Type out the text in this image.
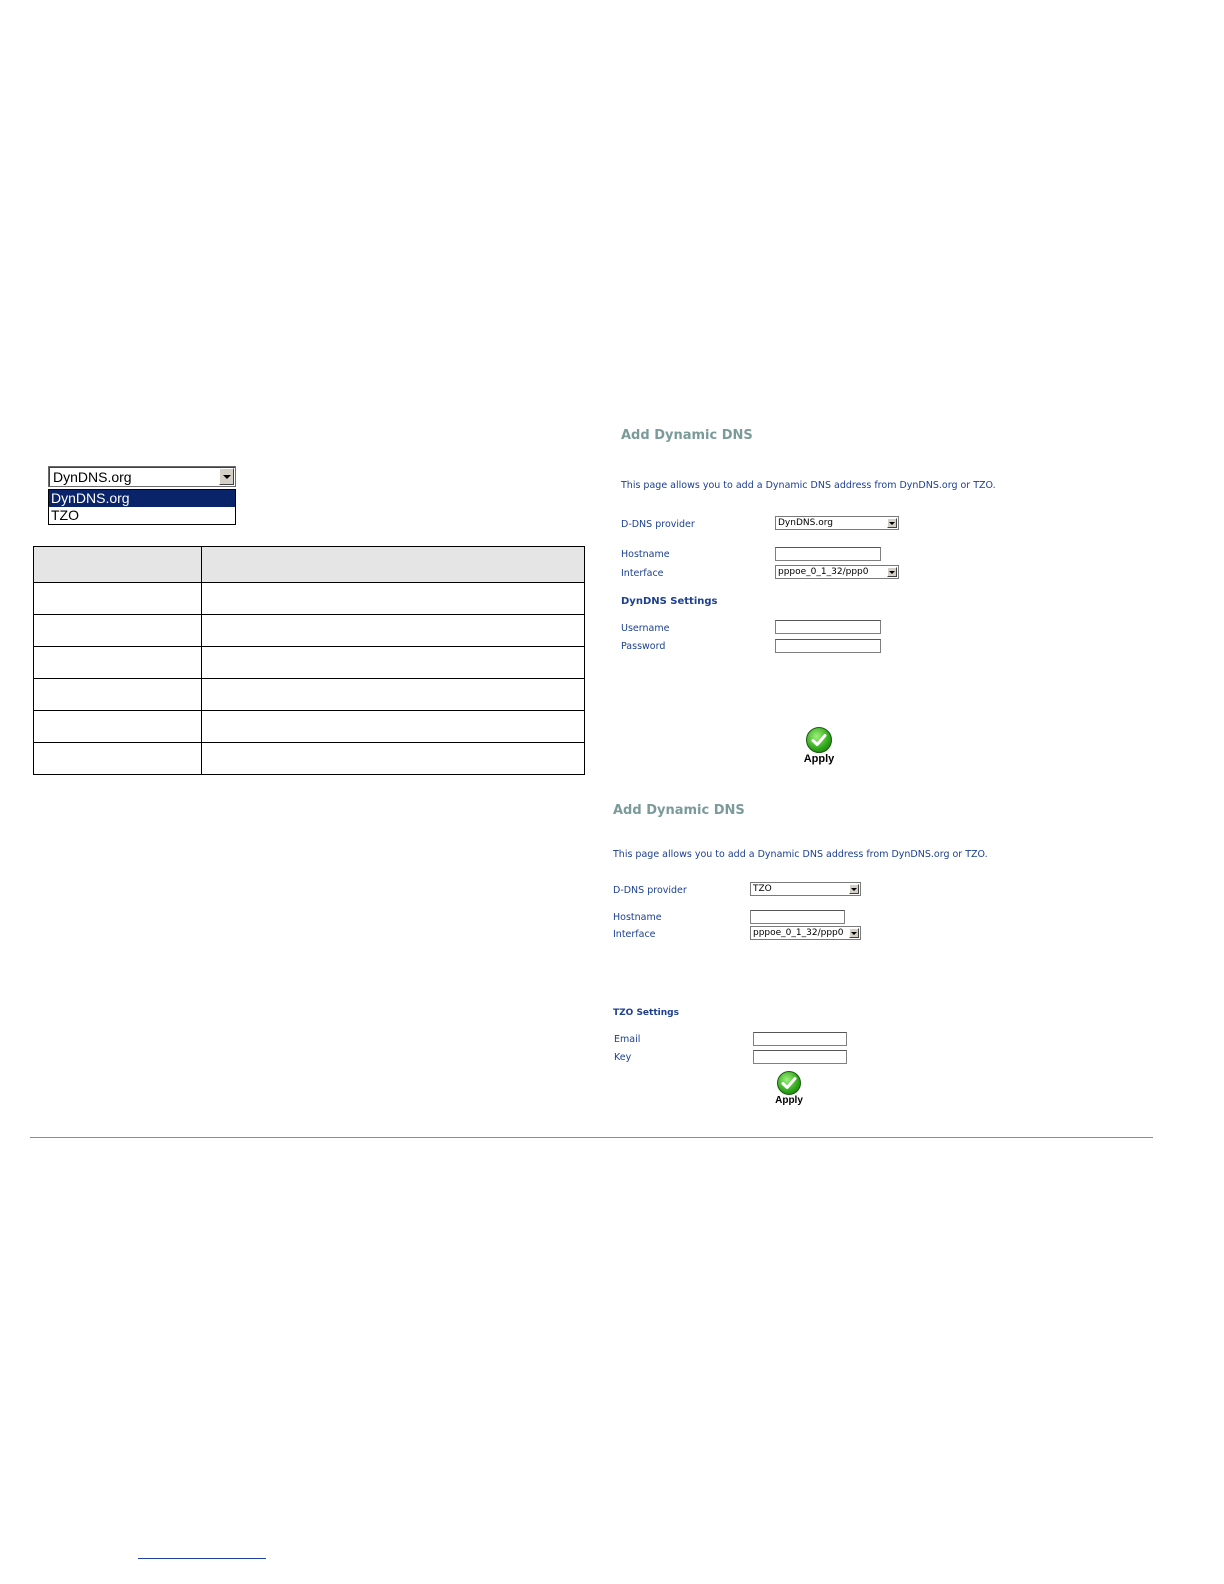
DynDNS.org
DynDNS.org
TZO

Add Dynamic DNS
This page allows you to add a Dynamic DNS address from DynDNS.org or TZO.
D-DNS provider	DynDNS.org
Hostname
Interface	pppoe_0_1_32/ppp0
DynDNS Settings
Username
Password
Apply
Add Dynamic DNS
This page allows you to add a Dynamic DNS address from DynDNS.org or TZO.
D-DNS provider	TZO
Hostname
Interface	pppoe_0_1_32/ppp0
TZO Settings
Email
Key
Apply
